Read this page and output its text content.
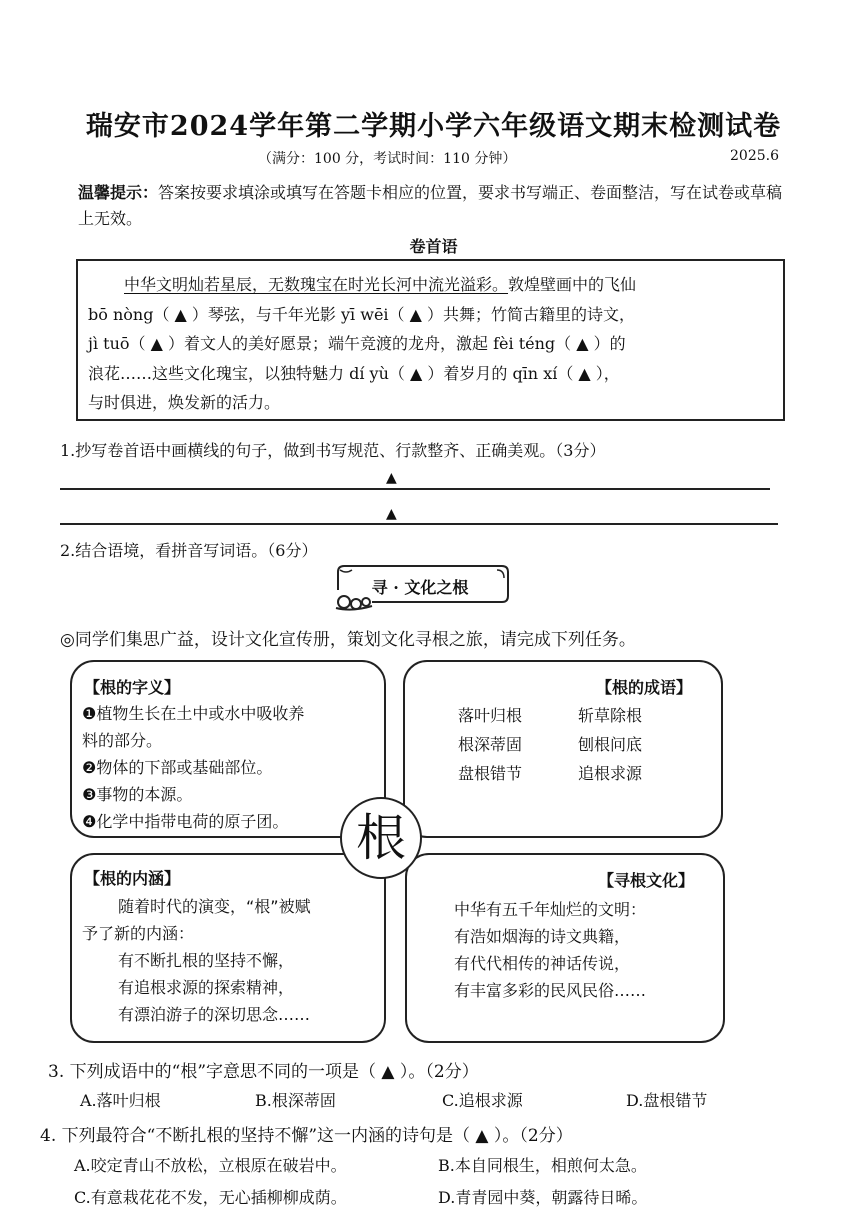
瑞安市2024学年第二学期小学六年级语文期末检测试卷
（满分：100 分，考试时间：110 分钟）	2025.6
温馨提示：答案按要求填涂或填写在答题卡相应的位置，要求书写端正、卷面整洁，写在试卷或草稿上无效。
卷首语

中华文明灿若星辰，无数瑰宝在时光长河中流光溢彩。敦煌壁画中的飞仙

bō nòng（ ▲ ）琴弦，与千年光影 yī wēi（ ▲ ）共舞；竹简古籍里的诗文，

jì tuō（ ▲ ）着文人的美好愿景；端午竞渡的龙舟，激起 fèi téng（ ▲ ）的

浪花……这些文化瑰宝，以独特魅力 dí yù（ ▲ ）着岁月的 qīn xí（ ▲ ），

与时俱进，焕发新的活力。

1.抄写卷首语中画横线的句子，做到书写规范、行款整齐、正确美观。（3分）
▲
▲
2.结合语境，看拼音写词语。（6分）
寻 · 文化之根
◎同学们集思广益，设计文化宣传册，策划文化寻根之旅，请完成下列任务。
【根的字义】
❶植物生长在土中或水中吸收养
料的部分。
❷物体的下部或基础部位。
❸事物的本源。
❹化学中指带电荷的原子团。
【根的成语】
落叶归根	斩草除根
根深蒂固	刨根问底
盘根错节	追根求源
【根的内涵】
随着时代的演变，“根”被赋
予了新的内涵：
有不断扎根的坚持不懈，
有追根求源的探索精神，
有漂泊游子的深切思念……
【寻根文化】
中华有五千年灿烂的文明：
有浩如烟海的诗文典籍，
有代代相传的神话传说，
有丰富多彩的民风民俗……
根
3. 下列成语中的“根”字意思不同的一项是（ ▲ ）。（2分）
A.落叶归根	B.根深蒂固	C.追根求源	D.盘根错节
4. 下列最符合“不断扎根的坚持不懈”这一内涵的诗句是（ ▲ ）。（2分）
A.咬定青山不放松，立根原在破岩中。	B.本自同根生，相煎何太急。
C.有意栽花花不发，无心插柳柳成荫。	D.青青园中葵，朝露待日晞。
